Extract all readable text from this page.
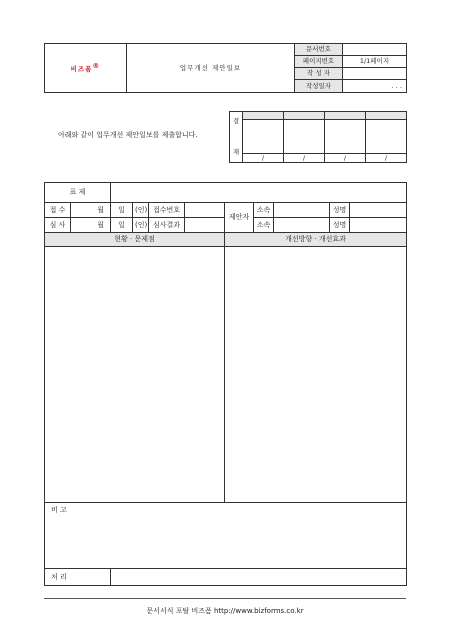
비즈폼®	업무개선 제안일보	문서번호	
		페이지번호	1/1페이지
		작 성 자	
		작성일자	. . .
아래와 같이 업무개선 제안일보를 제출합니다.
결

재				

	/	/	/	/
표 제										
접 수	월	일	(인)	접수번호		제안자	소속		성명	
심 사	월	일	(인)	심사결과			소속		성명	
현황 · 문제점						개선방향 · 개선효과				

비 고										
처 리										
문서서식 포탈 비즈폼 http://www.bizforms.co.kr
